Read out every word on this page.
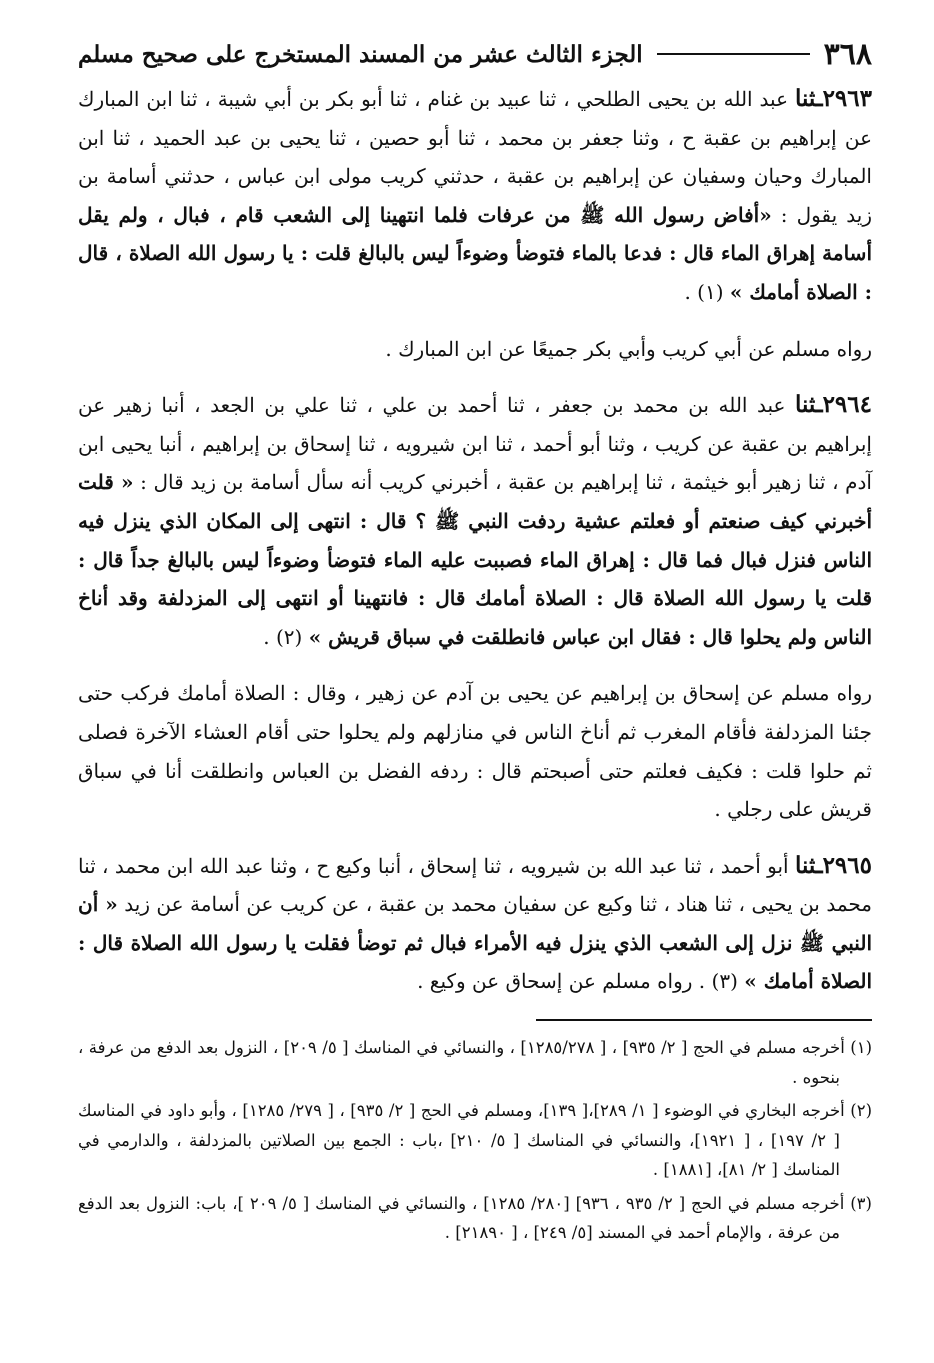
٣٦٨
الجزء الثالث عشر من المسند المستخرج على صحيح مسلم

٢٩٦٣ـثنا عبد الله بن يحيى الطلحي ، ثنا عبيد بن غنام ، ثنا أبو بكر بن أبي شيبة ، ثنا ابن المبارك عن إبراهيم بن عقبة ح ، وثنا جعفر بن محمد ، ثنا أبو حصين ، ثنا يحيى بن عبد الحميد ، ثنا ابن المبارك وحيان وسفيان عن إبراهيم بن عقبة ، حدثني كريب مولى ابن عباس ، حدثني أسامة بن زيد يقول : «أفاض رسول الله ﷺ من عرفات فلما انتهينا إلى الشعب قام ، فبال ، ولم يقل أسامة إهراق الماء قال : فدعا بالماء فتوضأ وضوءاً ليس بالبالغ قلت : يا رسول الله الصلاة ، قال : الصلاة أمامك » (١) .

رواه مسلم عن أبي كريب وأبي بكر جميعًا عن ابن المبارك .

٢٩٦٤ـثنا عبد الله بن محمد بن جعفر ، ثنا أحمد بن علي ، ثنا علي بن الجعد ، أنبا زهير عن إبراهيم بن عقبة عن كريب ، وثنا أبو أحمد ، ثنا ابن شيرويه ، ثنا إسحاق بن إبراهيم ، أنبا يحيى ابن آدم ، ثنا زهير أبو خيثمة ، ثنا إبراهيم بن عقبة ، أخبرني كريب أنه سأل أسامة بن زيد قال : « قلت أخبرني كيف صنعتم أو فعلتم عشية ردفت النبي ﷺ ؟ قال : انتهى إلى المكان الذي ينزل فيه الناس فنزل فبال فما قال : إهراق الماء فصببت عليه الماء فتوضأ وضوءاً ليس بالبالغ جداً قال : قلت يا رسول الله الصلاة قال : الصلاة أمامك قال : فانتهينا أو انتهى إلى المزدلفة وقد أناخ الناس ولم يحلوا قال : فقال ابن عباس فانطلقت في سباق قريش » (٢) .

رواه مسلم عن إسحاق بن إبراهيم عن يحيى بن آدم عن زهير ، وقال : الصلاة أمامك فركب حتى جئنا المزدلفة فأقام المغرب ثم أناخ الناس في منازلهم ولم يحلوا حتى أقام العشاء الآخرة فصلى ثم حلوا قلت : فكيف فعلتم حتى أصبحتم قال : ردفه الفضل بن العباس وانطلقت أنا في سباق قريش على رجلي .

٢٩٦٥ـثنا أبو أحمد ، ثنا عبد الله بن شيرويه ، ثنا إسحاق ، أنبا وكيع ح ، وثنا عبد الله ابن محمد ، ثنا محمد بن يحيى ، ثنا هناد ، ثنا وكيع عن سفيان محمد بن عقبة ، عن كريب عن أسامة عن زيد « أن النبي ﷺ نزل إلى الشعب الذي ينزل فيه الأمراء فبال ثم توضأ فقلت يا رسول الله الصلاة قال : الصلاة أمامك » (٣) . رواه مسلم عن إسحاق عن وكيع .

(١) أخرجه مسلم في الحج [ ٢/ ٩٣٥] ، [ ١٢٨٥/٢٧٨] ، والنسائي في المناسك [ ٥/ ٢٠٩] ، النزول بعد الدفع من عرفة ، بنحوه .

(٢) أخرجه البخاري في الوضوء [ ١/ ٢٨٩]،[ ١٣٩]، ومسلم في الحج [ ٢/ ٩٣٥] ، [ ٢٧٩/ ١٢٨٥] ، وأبو داود في المناسك [ ٢/ ١٩٧] ، [ ١٩٢١]، والنسائي في المناسك [ ٥/ ٢١٠] ،باب : الجمع بين الصلاتين بالمزدلفة ، والدارمي في المناسك [ ٢/ ٨١]، [١٨٨١] .

(٣) أخرجه مسلم في الحج [ ٢/ ٩٣٥ ، ٩٣٦] [٢٨٠/ ١٢٨٥] ، والنسائي في المناسك [ ٥/ ٢٠٩ ]، باب: النزول بعد الدفع من عرفة ، والإمام أحمد في المسند [٥/ ٢٤٩] ، [ ٢١٨٩٠] .
